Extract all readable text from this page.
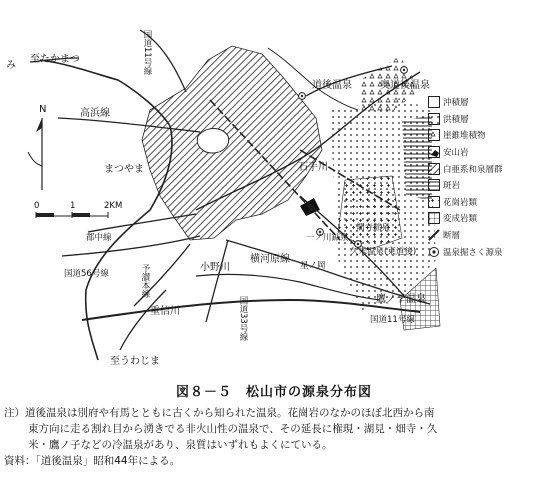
み
至たかまつ	国道11号線
高浜線
まつやま
道後温泉	奥道後温泉
石手川
畑寺鉱泉
久米温泉(東道後)
一ノ川鉱泉
星ノ岡
鷹ノ子温泉
国道11号線
横河原線
郡中線
国道56号線	予讃本線	小野川
国道33号線
重信川
至うわじま
N
0	1	2KM
沖積層
洪積層
崖錐堆積物
安山岩
白亜系和泉層群
斑岩
花崗岩類
変成岩類
断層
温泉掘さく源泉
図８－５　松山市の源泉分布図
注）道後温泉は別府や有馬とともに古くから知られた温泉。花崗岩のなかのほぼ北西から南
東方向に走る割れ目から湧きでる非火山性の温泉で、その延長に権現・湖見・畑寺・久
米・鷹ノ子などの冷温泉があり、泉質はいずれもよくにている。
資料：「道後温泉」昭和44年による。
